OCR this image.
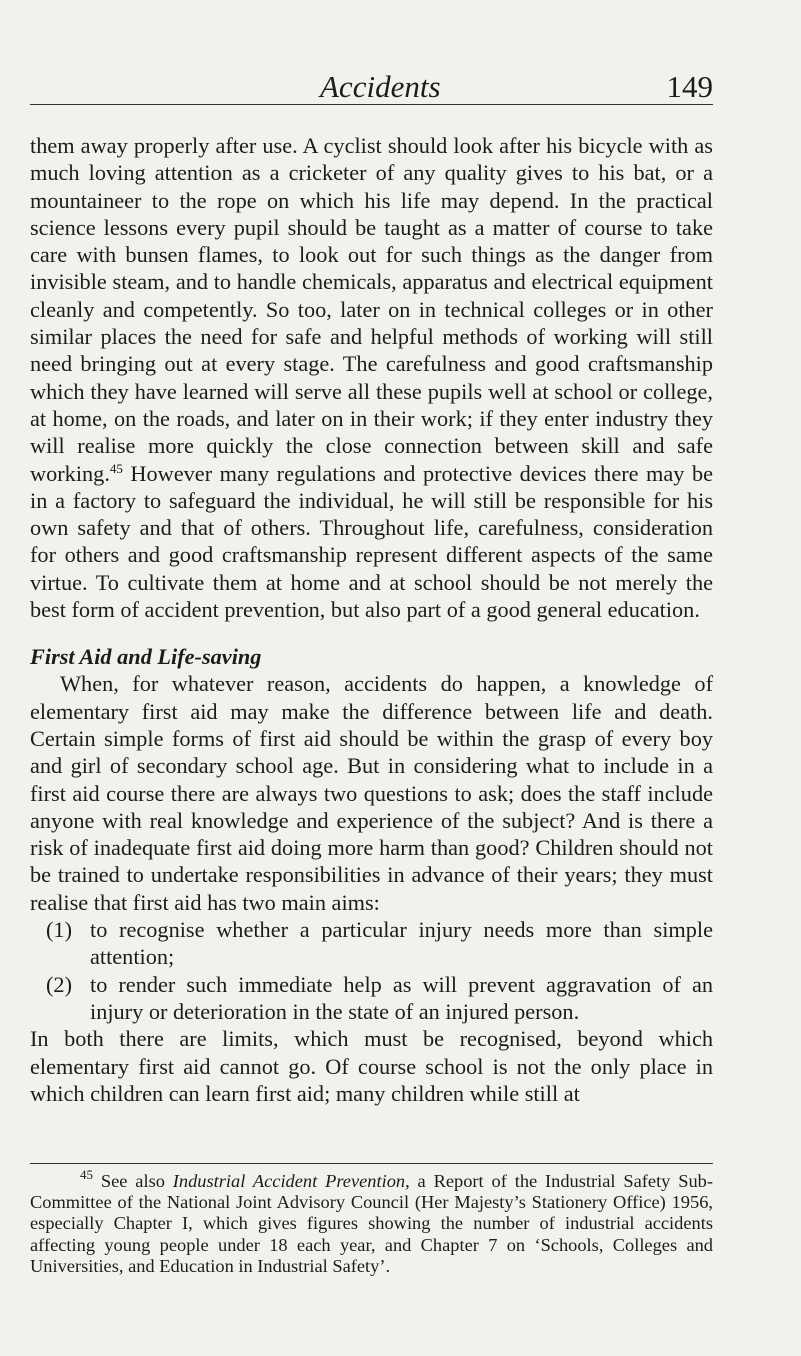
Accidents	149

them away properly after use. A cyclist should look after his bicycle with as much loving attention as a cricketer of any quality gives to his bat, or a mountaineer to the rope on which his life may depend. In the practical science lessons every pupil should be taught as a matter of course to take care with bunsen flames, to look out for such things as the danger from invisible steam, and to handle chemicals, apparatus and electrical equipment cleanly and competently. So too, later on in technical colleges or in other similar places the need for safe and helpful methods of working will still need bringing out at every stage. The carefulness and good craftsmanship which they have learned will serve all these pupils well at school or college, at home, on the roads, and later on in their work; if they enter industry they will realise more quickly the close connection between skill and safe working.$^{45}$ However many regulations and protective devices there may be in a factory to safeguard the individual, he will still be responsible for his own safety and that of others. Throughout life, carefulness, consideration for others and good craftsmanship represent different aspects of the same virtue. To cultivate them at home and at school should be not merely the best form of accident prevention, but also part of a good general education.

First Aid and Life-saving

When, for whatever reason, accidents do happen, a knowledge of elementary first aid may make the difference between life and death. Certain simple forms of first aid should be within the grasp of every boy and girl of secondary school age. But in considering what to include in a first aid course there are always two questions to ask; does the staff include anyone with real knowledge and experience of the subject? And is there a risk of inadequate first aid doing more harm than good? Children should not be trained to undertake responsibilities in advance of their years; they must realise that first aid has two main aims:

(1) to recognise whether a particular injury needs more than simple attention;
(2) to render such immediate help as will prevent aggravation of an injury or deterioration in the state of an injured person.

In both there are limits, which must be recognised, beyond which elementary first aid cannot go. Of course school is not the only place in which children can learn first aid; many children while still at

$^{45}$ See also Industrial Accident Prevention, a Report of the Industrial Safety Sub-Committee of the National Joint Advisory Council (Her Majesty’s Stationery Office) 1956, especially Chapter I, which gives figures showing the number of industrial accidents affecting young people under 18 each year, and Chapter 7 on ‘Schools, Colleges and Universities, and Education in Industrial Safety’.
